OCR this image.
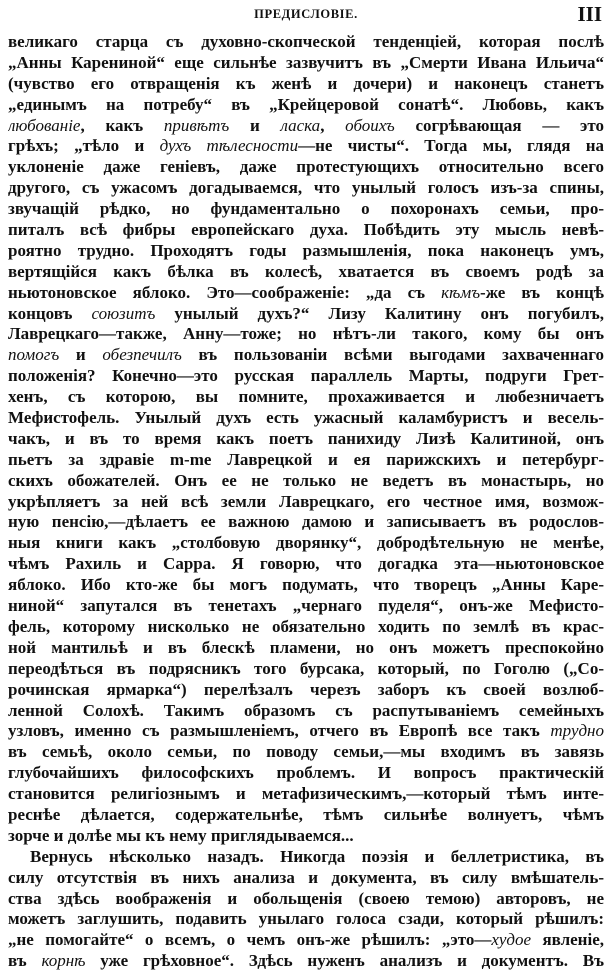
ПРЕДИСЛОВІЕ.	III
великаго старца съ духовно-скопческой тенденціей, которая послѣ
„Анны Карениной“ еще сильнѣе зазвучитъ въ „Смерти Ивана Ильича“
(чувство его отвращенія къ женѣ и дочери) и наконецъ станетъ
„единымъ на потребу“ въ „Крейцеровой сонатѣ“. Любовь, какъ
любованіе, какъ привѣтъ и ласка, обоихъ согрѣвающая — это
грѣхъ; „тѣло и духъ тѣлесности—не чисты“. Тогда мы, глядя на
уклоненіе даже геніевъ, даже протестующихъ относительно всего
другого, съ ужасомъ догадываемся, что унылый голосъ изъ-за спины,
звучащій рѣдко, но фундаментально о похоронахъ семьи, про-
питалъ всѣ фибры европейскаго духа. Побѣдить эту мысль невѣ-
роятно трудно. Проходятъ годы размышленія, пока наконецъ умъ,
вертящійся какъ бѣлка въ колесѣ, хватается въ своемъ родѣ за
ньютоновское яблоко. Это—соображеніе: „да съ кѣмъ-же въ концѣ
концовъ союзитъ унылый духъ?“ Лизу Калитину онъ погубилъ,
Лаврецкаго—также, Анну—тоже; но нѣтъ-ли такого, кому бы онъ
помогъ и обезпечилъ въ пользованіи всѣми выгодами захваченнаго
положенія? Конечно—это русская параллель Марты, подруги Грет-
хенъ, съ которою, вы помните, прохаживается и любезничаетъ
Мефистофель. Унылый духъ есть ужасный каламбуристъ и весель-
чакъ, и въ то время какъ поетъ панихиду Лизѣ Калитиной, онъ
пьетъ за здравіе m-me Лаврецкой и ея парижскихъ и петербург-
скихъ обожателей. Онъ ее не только не ведетъ въ монастырь, но
укрѣпляетъ за ней всѣ земли Лаврецкаго, его честное имя, возмож-
ную пенсію,—дѣлаетъ ее важною дамою и записываетъ въ родослов-
ныя книги какъ „столбовую дворянку“, добродѣтельную не менѣе,
чѣмъ Рахиль и Сарра. Я говорю, что догадка эта—ньютоновское
яблоко. Ибо кто-же бы могъ подумать, что творецъ „Анны Каре-
ниной“ запутался въ тенетахъ „чернаго пуделя“, онъ-же Мефисто-
фель, которому нисколько не обязательно ходить по землѣ въ крас-
ной мантильѣ и въ блескѣ пламени, но онъ можетъ преспокойно
переодѣться въ подрясникъ того бурсака, который, по Гоголю („Со-
рочинская ярмарка“) перелѣзалъ черезъ заборъ къ своей возлюб-
ленной Солохѣ. Такимъ образомъ съ распутываніемъ семейныхъ
узловъ, именно съ размышленіемъ, отчего въ Европѣ все такъ трудно
въ семьѣ, около семьи, по поводу семьи,—мы входимъ въ завязь
глубочайшихъ философскихъ проблемъ. И вопросъ практическій
становится религіознымъ и метафизическимъ,—который тѣмъ инте-
реснѣе дѣлается, содержательнѣе, тѣмъ сильнѣе волнуетъ, чѣмъ
зорче и долѣе мы къ нему приглядываемся...
Вернусь нѣсколько назадъ. Никогда поэзія и беллетристика, въ
силу отсутствія въ нихъ анализа и документа, въ силу вмѣшатель-
ства здѣсь воображенія и обольщенія (своею темою) авторовъ, не
можетъ заглушить, подавить унылаго голоса сзади, который рѣшилъ:
„не помогайте“ о всемъ, о чемъ онъ-же рѣшилъ: „это—худое явленіе,
въ корнѣ уже грѣховное“. Здѣсь нуженъ анализъ и документъ. Въ
